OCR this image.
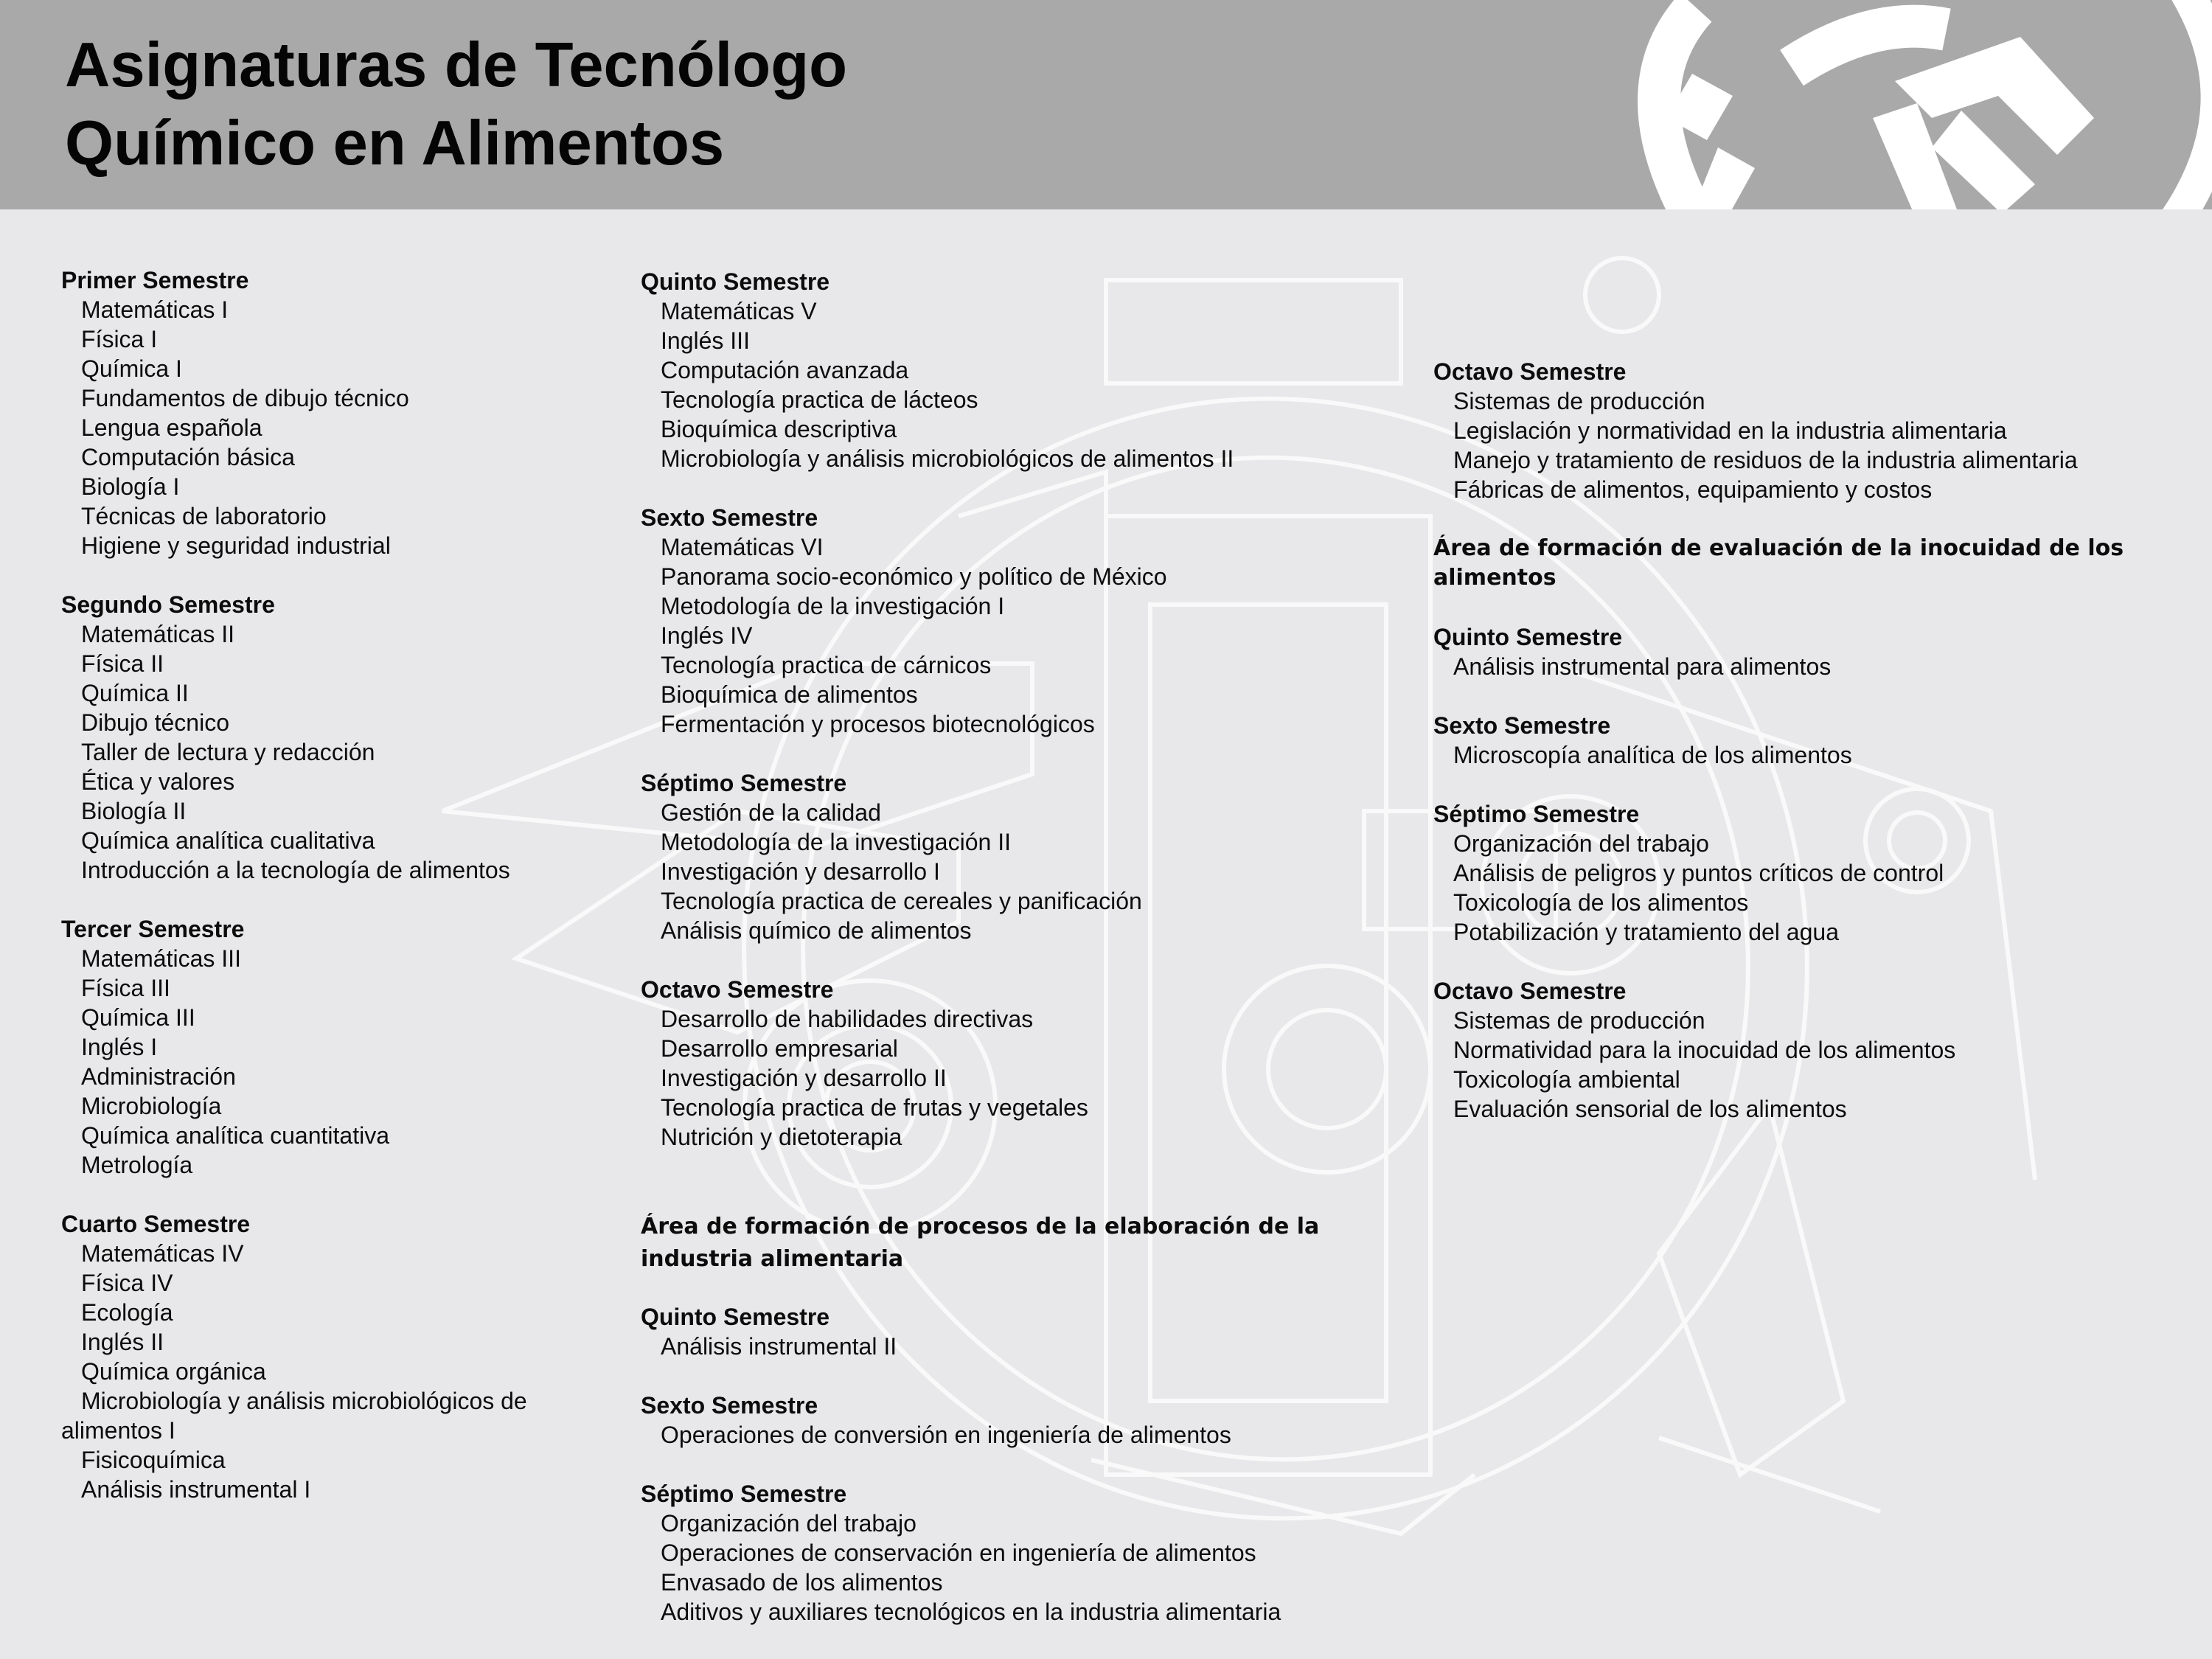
Asignaturas de Tecnólogo
Químico en Alimentos
Primer Semestre
Matemáticas I
Física I
Química I
Fundamentos de dibujo técnico
Lengua española
Computación básica
Biología I
Técnicas de laboratorio
Higiene y seguridad industrial
Segundo Semestre
Matemáticas II
Física II
Química II
Dibujo técnico
Taller de lectura y redacción
Ética y valores
Biología II
Química analítica cualitativa
Introducción a la tecnología de alimentos
Tercer Semestre
Matemáticas III
Física III
Química III
Inglés I
Administración
Microbiología
Química analítica cuantitativa
Metrología
Cuarto Semestre
Matemáticas IV
Física IV
Ecología
Inglés II
Química orgánica
Microbiología y análisis microbiológicos de alimentos I
Fisicoquímica
Análisis instrumental I
Quinto Semestre
Matemáticas V
Inglés III
Computación avanzada
Tecnología practica de lácteos
Bioquímica descriptiva
Microbiología y análisis microbiológicos de alimentos II
Sexto Semestre
Matemáticas VI
Panorama socio-económico y político de México
Metodología de la investigación I
Inglés IV
Tecnología practica de cárnicos
Bioquímica de alimentos
Fermentación y procesos biotecnológicos
Séptimo Semestre
Gestión de la calidad
Metodología de la investigación II
Investigación y desarrollo I
Tecnología practica de cereales y panificación
Análisis químico de alimentos
Octavo Semestre
Desarrollo de habilidades directivas
Desarrollo empresarial
Investigación y desarrollo II
Tecnología practica de frutas y vegetales
Nutrición y dietoterapia
Área de formación de procesos de la elaboración de la
industria alimentaria
Quinto Semestre
Análisis instrumental II
Sexto Semestre
Operaciones de conversión en ingeniería de alimentos
Séptimo Semestre
Organización del trabajo
Operaciones de conservación en ingeniería de alimentos
Envasado de los alimentos
Aditivos y auxiliares tecnológicos en la industria alimentaria
Octavo Semestre
Sistemas de producción
Legislación y normatividad en la industria alimentaria
Manejo y tratamiento de residuos de la industria alimentaria
Fábricas de alimentos, equipamiento y costos
Área de formación de evaluación de la inocuidad de los
alimentos
Quinto Semestre
Análisis instrumental para alimentos
Sexto Semestre
Microscopía analítica de los alimentos
Séptimo Semestre
Organización del trabajo
Análisis de peligros y puntos críticos de control
Toxicología de los alimentos
Potabilización y tratamiento del agua
Octavo Semestre
Sistemas de producción
Normatividad para la inocuidad de los alimentos
Toxicología ambiental
Evaluación sensorial de los alimentos
